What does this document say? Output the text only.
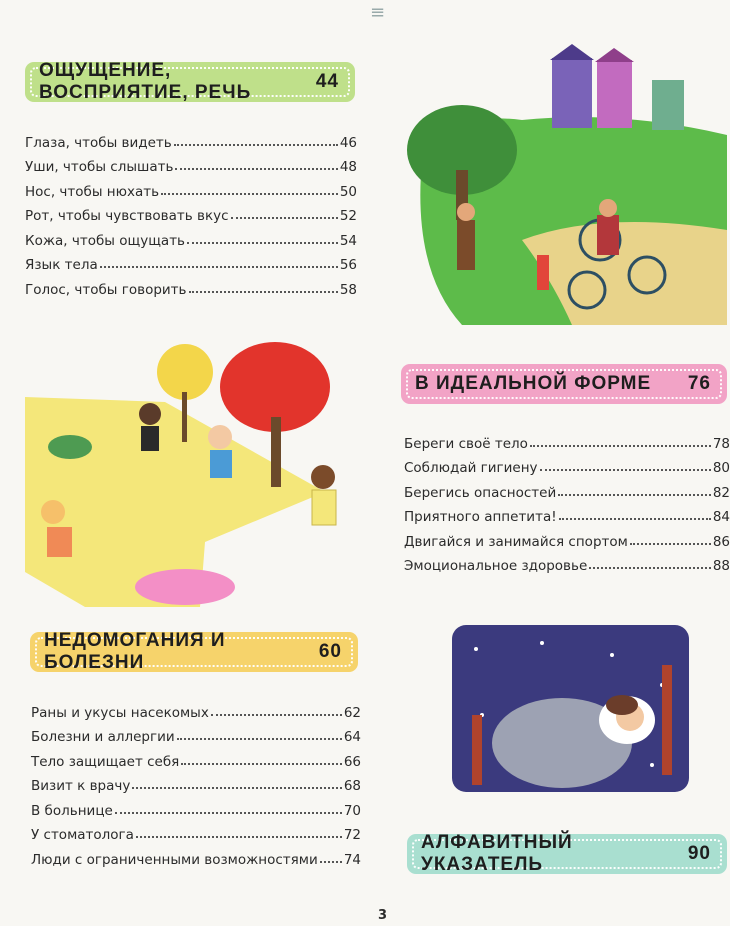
≡
ОЩУЩЕНИЕ, ВОСПРИЯТИЕ, РЕЧЬ
44
Глаза, чтобы видеть	46
Уши, чтобы слышать	48
Нос, чтобы нюхать	50
Рот, чтобы чувствовать вкус	52
Кожа, чтобы ощущать	54
Язык тела	56
Голос, чтобы говорить	58
В ИДЕАЛЬНОЙ ФОРМЕ 76
Береги своё тело	78
Соблюдай гигиену	80
Берегись опасностей	82
Приятного аппетита!	84
Двигайся и занимайся спортом	86
Эмоциональное здоровье	88
НЕДОМОГАНИЯ И БОЛЕЗНИ
60
Раны и укусы насекомых	62
Болезни и аллергии	64
Тело защищает себя	66
Визит к врачу	68
В больнице	70
У стоматолога	72
Люди с ограниченными возможностями 74
АЛФАВИТНЫЙ УКАЗАТЕЛЬ
90
3
